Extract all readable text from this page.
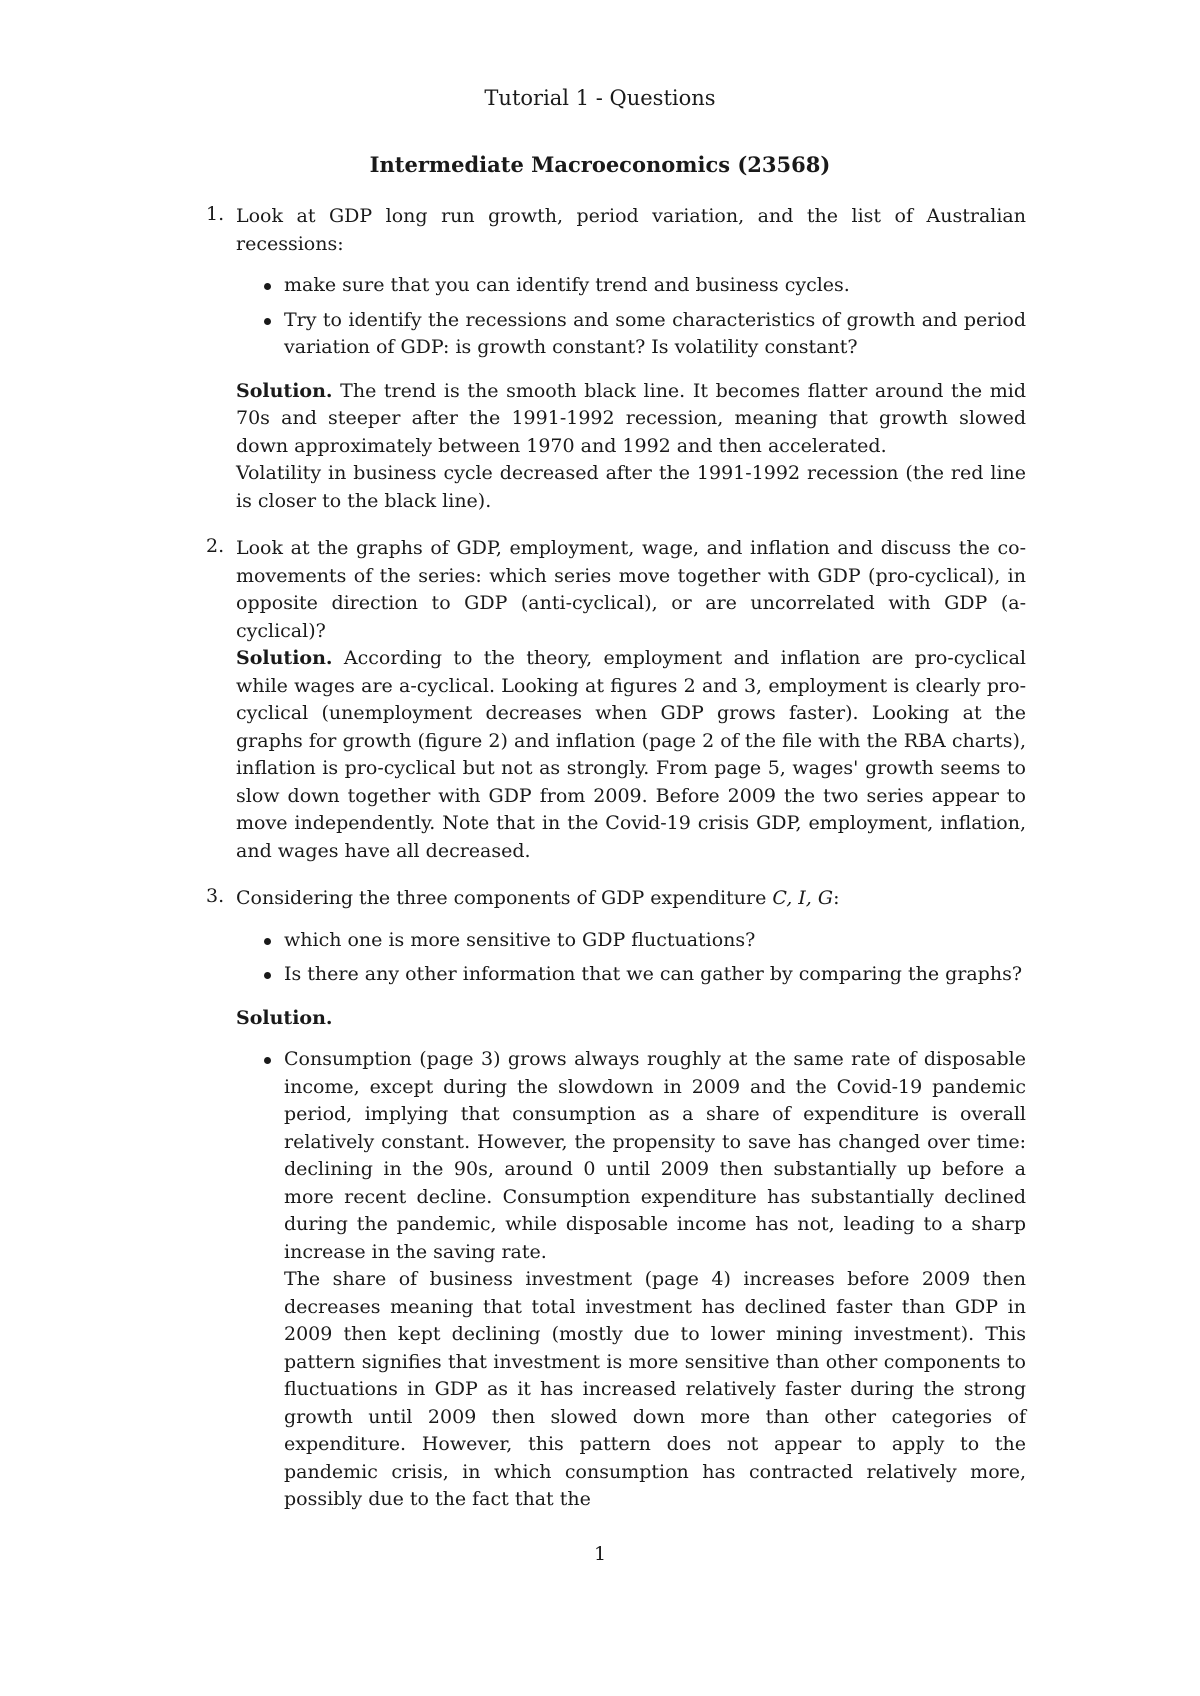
Tutorial 1 - Questions
Intermediate Macroeconomics (23568)
1. Look at GDP long run growth, period variation, and the list of Australian recessions:

make sure that you can identify trend and business cycles.
Try to identify the recessions and some characteristics of growth and period variation of GDP: is growth constant? Is volatility constant?

Solution. The trend is the smooth black line. It becomes flatter around the mid 70s and steeper after the 1991-1992 recession, meaning that growth slowed down approximately between 1970 and 1992 and then accelerated.

Volatility in business cycle decreased after the 1991-1992 recession (the red line is closer to the black line).

2. Look at the graphs of GDP, employment, wage, and inflation and discuss the co-movements of the series: which series move together with GDP (pro-cyclical), in opposite direction to GDP (anti-cyclical), or are uncorrelated with GDP (a-cyclical)?

Solution. According to the theory, employment and inflation are pro-cyclical while wages are a-cyclical. Looking at figures 2 and 3, employment is clearly pro-cyclical (unemployment decreases when GDP grows faster). Looking at the graphs for growth (figure 2) and inflation (page 2 of the file with the RBA charts), inflation is pro-cyclical but not as strongly. From page 5, wages' growth seems to slow down together with GDP from 2009. Before 2009 the two series appear to move independently. Note that in the Covid-19 crisis GDP, employment, inflation, and wages have all decreased.

3. Considering the three components of GDP expenditure C, I, G:

which one is more sensitive to GDP fluctuations?
Is there any other information that we can gather by comparing the graphs?

Solution.

Consumption (page 3) grows always roughly at the same rate of disposable income, except during the slowdown in 2009 and the Covid-19 pandemic period, implying that consumption as a share of expenditure is overall relatively constant. However, the propensity to save has changed over time: declining in the 90s, around 0 until 2009 then substantially up before a more recent decline. Consumption expenditure has substantially declined during the pandemic, while disposable income has not, leading to a sharp increase in the saving rate.
The share of business investment (page 4) increases before 2009 then decreases meaning that total investment has declined faster than GDP in 2009 then kept declining (mostly due to lower mining investment). This pattern signifies that investment is more sensitive than other components to fluctuations in GDP as it has increased relatively faster during the strong growth until 2009 then slowed down more than other categories of expenditure. However, this pattern does not appear to apply to the pandemic crisis, in which consumption has contracted relatively more, possibly due to the fact that the
1
